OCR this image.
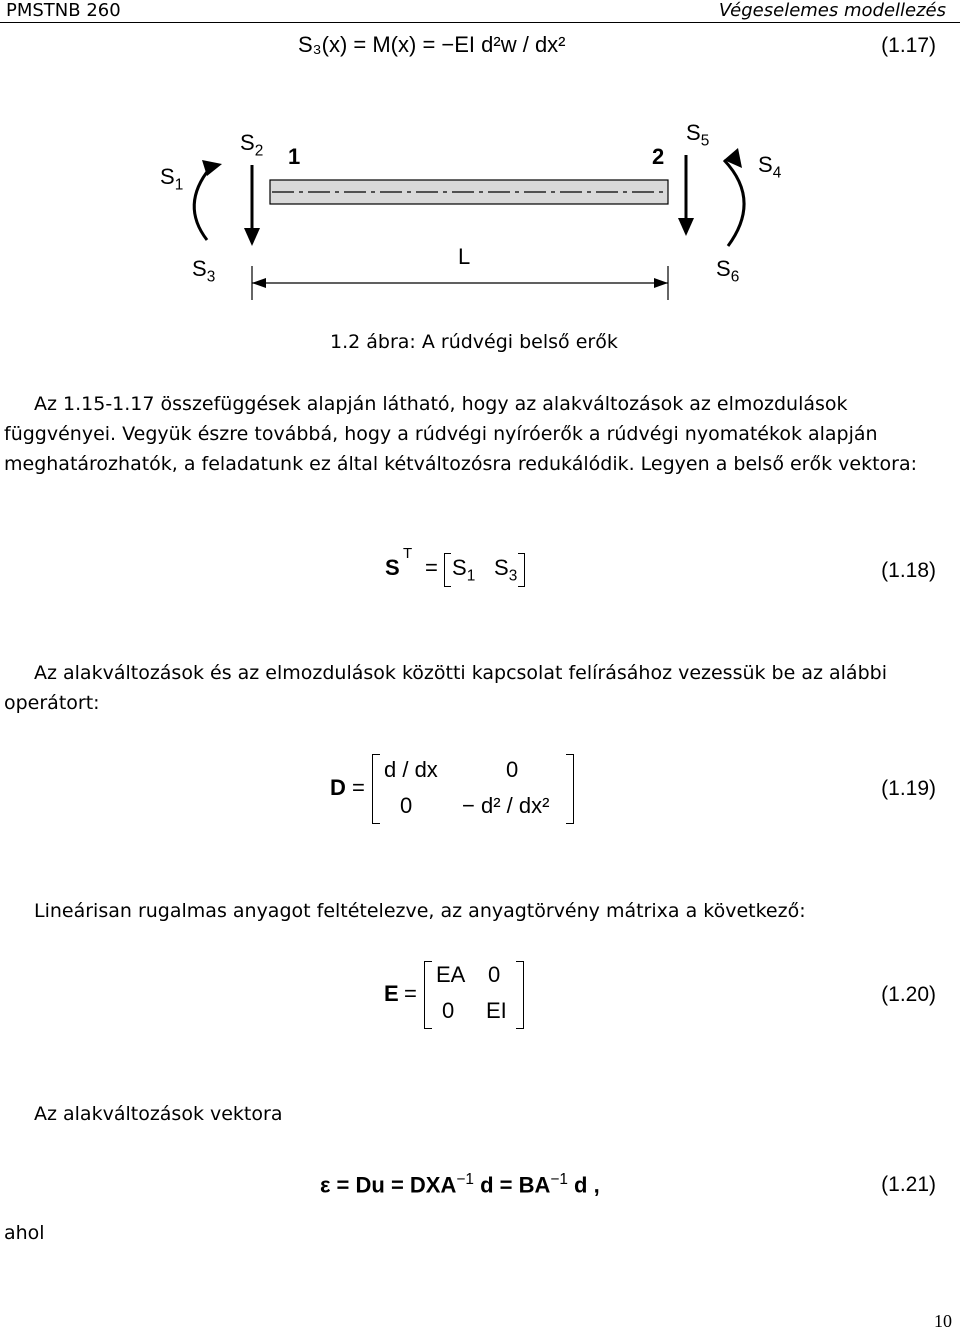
PMSTNB 260	Végeselemes modellezés
S₃(x) = M(x) = −EI d²w / dx²	(1.17)
$S_1$
$S_2$ 1	2
$S_5$
$S_4$
$S_3$
L	$S_6$
1.2 ábra: A rúdvégi belső erők
Az 1.15-1.17 összefüggések alapján látható, hogy az alakváltozások az elmozdulások függvényei. Vegyük észre továbbá, hogy a rúdvégi nyíróerők a rúdvégi nyomatékok alapján meghatározhatók, a feladatunk ez által kétváltozósra redukálódik. Legyen a belső erők vektora:
S
T
= $S_1$ $S_3$	(1.18)
Az alakváltozások és az elmozdulások közötti kapcsolat felírásához vezessük be az alábbi operátort:
D =
d / dx	0
0 − d² / dx²
(1.19)
Lineárisan rugalmas anyagot feltételezve, az anyagtörvény mátrixa a következő:
E =
EA 0
0 EI
(1.20)
Az alakváltozások vektora
$\varepsilon = Du = DXA^{-1}$ $d = BA^{-1}$ d ,	(1.21)
ahol
10
